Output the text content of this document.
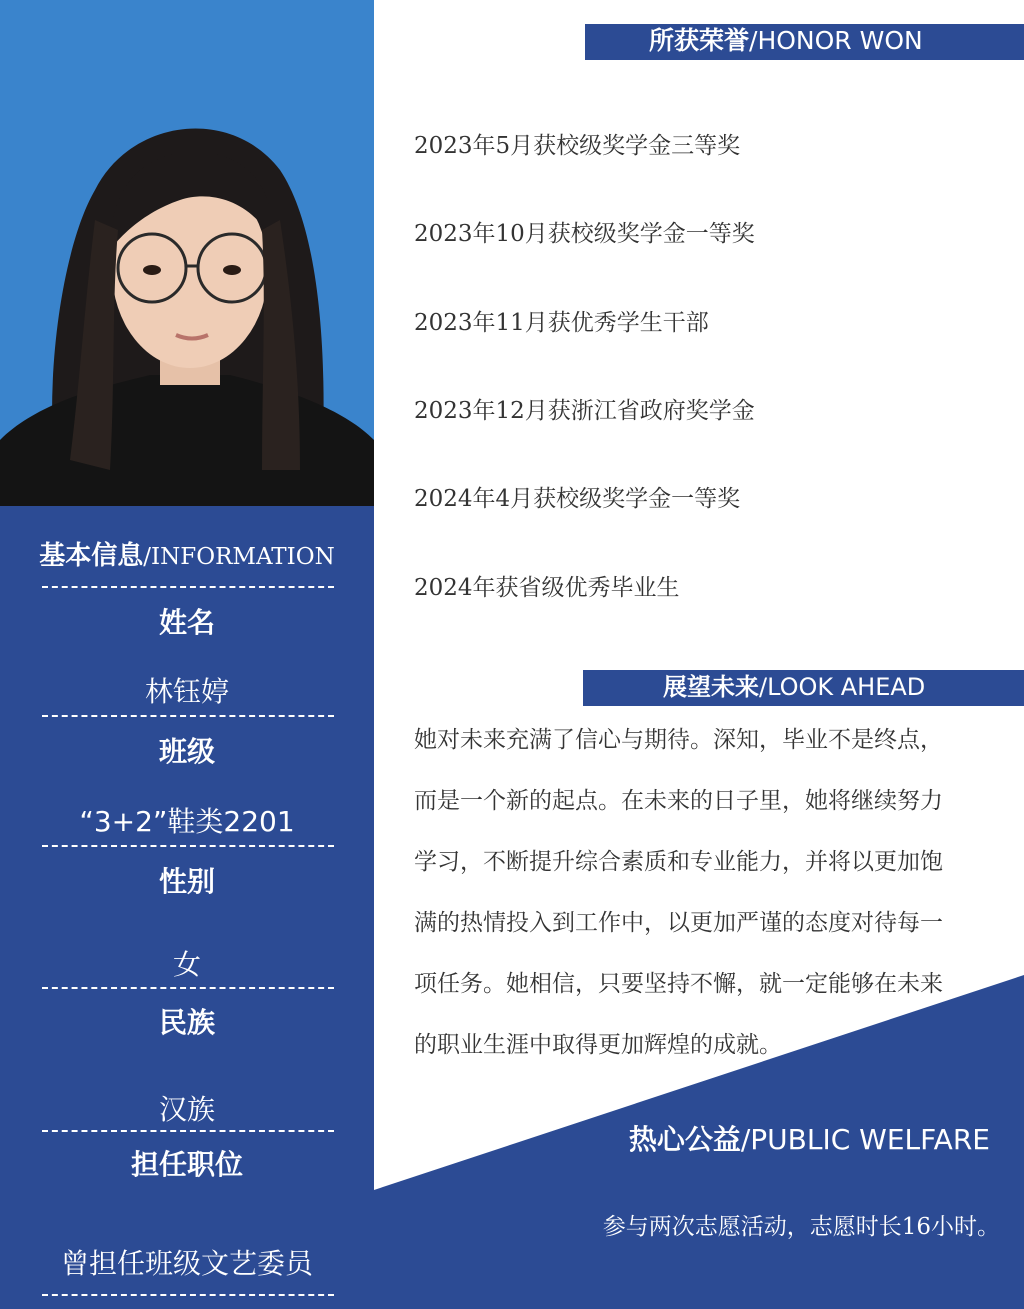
基本信息/INFORMATION
姓名
林钰婷
班级
“3+2”鞋类2201
性别
女
民族
汉族
担任职位
曾担任班级文艺委员
所获荣誉/HONOR WON
2023年5月获校级奖学金三等奖
2023年10月获校级奖学金一等奖
2023年11月获优秀学生干部
2023年12月获浙江省政府奖学金
2024年4月获校级奖学金一等奖
2024年获省级优秀毕业生
展望未来/LOOK AHEAD
她对未来充满了信心与期待。深知，毕业不是终点，
而是一个新的起点。在未来的日子里，她将继续努力
学习，不断提升综合素质和专业能力，并将以更加饱
满的热情投入到工作中，以更加严谨的态度对待每一
项任务。她相信，只要坚持不懈，就一定能够在未来
的职业生涯中取得更加辉煌的成就。
热心公益/PUBLIC WELFARE
参与两次志愿活动，志愿时长16小时。
